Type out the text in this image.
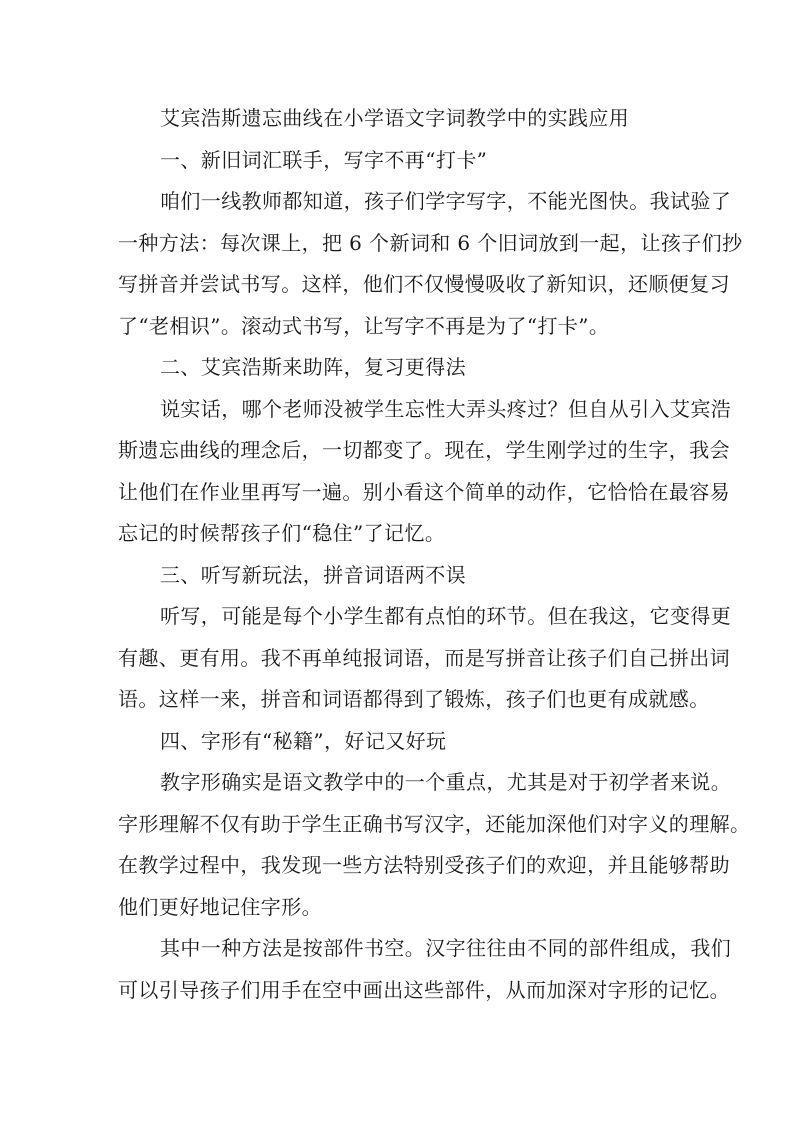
艾宾浩斯遗忘曲线在小学语文字词教学中的实践应用
一、新旧词汇联手，写字不再“打卡”
咱们一线教师都知道，孩子们学字写字，不能光图快。我试验了
一种方法：每次课上，把 6 个新词和 6 个旧词放到一起，让孩子们抄
写拼音并尝试书写。这样，他们不仅慢慢吸收了新知识，还顺便复习
了“老相识”。滚动式书写，让写字不再是为了“打卡”。
二、艾宾浩斯来助阵，复习更得法
说实话，哪个老师没被学生忘性大弄头疼过？但自从引入艾宾浩
斯遗忘曲线的理念后，一切都变了。现在，学生刚学过的生字，我会
让他们在作业里再写一遍。别小看这个简单的动作，它恰恰在最容易
忘记的时候帮孩子们“稳住”了记忆。
三、听写新玩法，拼音词语两不误
听写，可能是每个小学生都有点怕的环节。但在我这，它变得更
有趣、更有用。我不再单纯报词语，而是写拼音让孩子们自己拼出词
语。这样一来，拼音和词语都得到了锻炼，孩子们也更有成就感。
四、字形有“秘籍”，好记又好玩
教字形确实是语文教学中的一个重点，尤其是对于初学者来说。
字形理解不仅有助于学生正确书写汉字，还能加深他们对字义的理解。
在教学过程中，我发现一些方法特别受孩子们的欢迎，并且能够帮助
他们更好地记住字形。
其中一种方法是按部件书空。汉字往往由不同的部件组成，我们
可以引导孩子们用手在空中画出这些部件，从而加深对字形的记忆。
